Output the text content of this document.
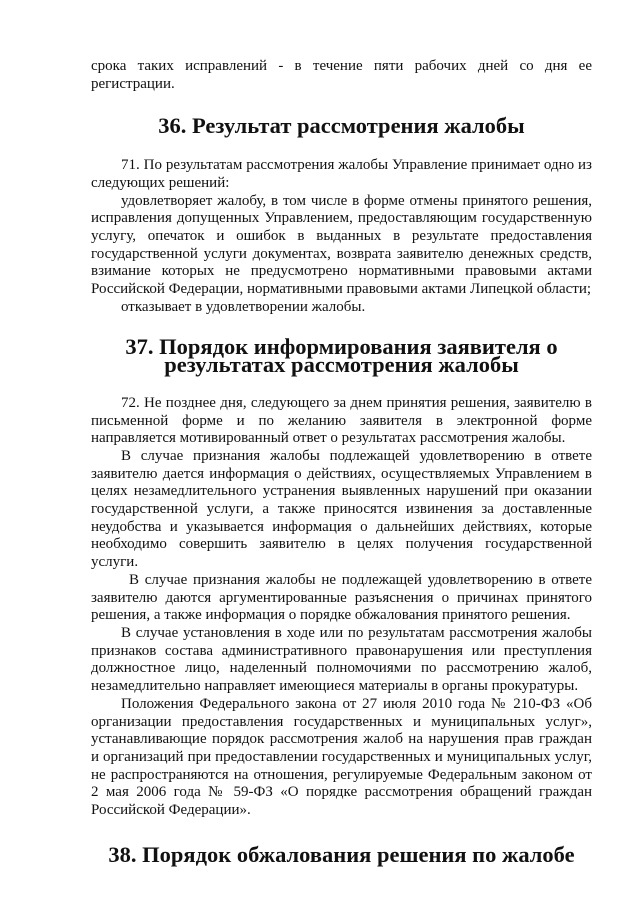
срока таких исправлений - в течение пяти рабочих дней со дня ее регистрации.

36. Результат рассмотрения жалобы

71. По результатам рассмотрения жалобы Управление принимает одно из следующих решений:

удовлетворяет жалобу, в том числе в форме отмены принятого решения, исправления допущенных Управлением, предоставляющим государственную услугу, опечаток и ошибок в выданных в результате предоставления государственной услуги документах, возврата заявителю денежных средств, взимание которых не предусмотрено нормативными правовыми актами Российской Федерации, нормативными правовыми актами Липецкой области;

отказывает в удовлетворении жалобы.

37. Порядок информирования заявителя о результатах рассмотрения жалобы

72. Не позднее дня, следующего за днем принятия решения, заявителю в письменной форме и по желанию заявителя в электронной форме направляется мотивированный ответ о результатах рассмотрения жалобы.

В случае признания жалобы подлежащей удовлетворению в ответе заявителю дается информация о действиях, осуществляемых Управлением в целях незамедлительного устранения выявленных нарушений при оказании государственной услуги, а также приносятся извинения за доставленные неудобства и указывается информация о дальнейших действиях, которые необходимо совершить заявителю в целях получения государственной услуги.

В случае признания жалобы не подлежащей удовлетворению в ответе заявителю даются аргументированные разъяснения о причинах принятого решения, а также информация о порядке обжалования принятого решения.

В случае установления в ходе или по результатам рассмотрения жалобы признаков состава административного правонарушения или преступления должностное лицо, наделенный полномочиями по рассмотрению жалоб, незамедлительно направляет имеющиеся материалы в органы прокуратуры.

Положения Федерального закона от 27 июля 2010 года № 210-ФЗ «Об организации предоставления государственных и муниципальных услуг», устанавливающие порядок рассмотрения жалоб на нарушения прав граждан и организаций при предоставлении государственных и муниципальных услуг, не распространяются на отношения, регулируемые Федеральным законом от 2 мая 2006 года № 59-ФЗ «О порядке рассмотрения обращений граждан Российской Федерации».

38. Порядок обжалования решения по жалобе
